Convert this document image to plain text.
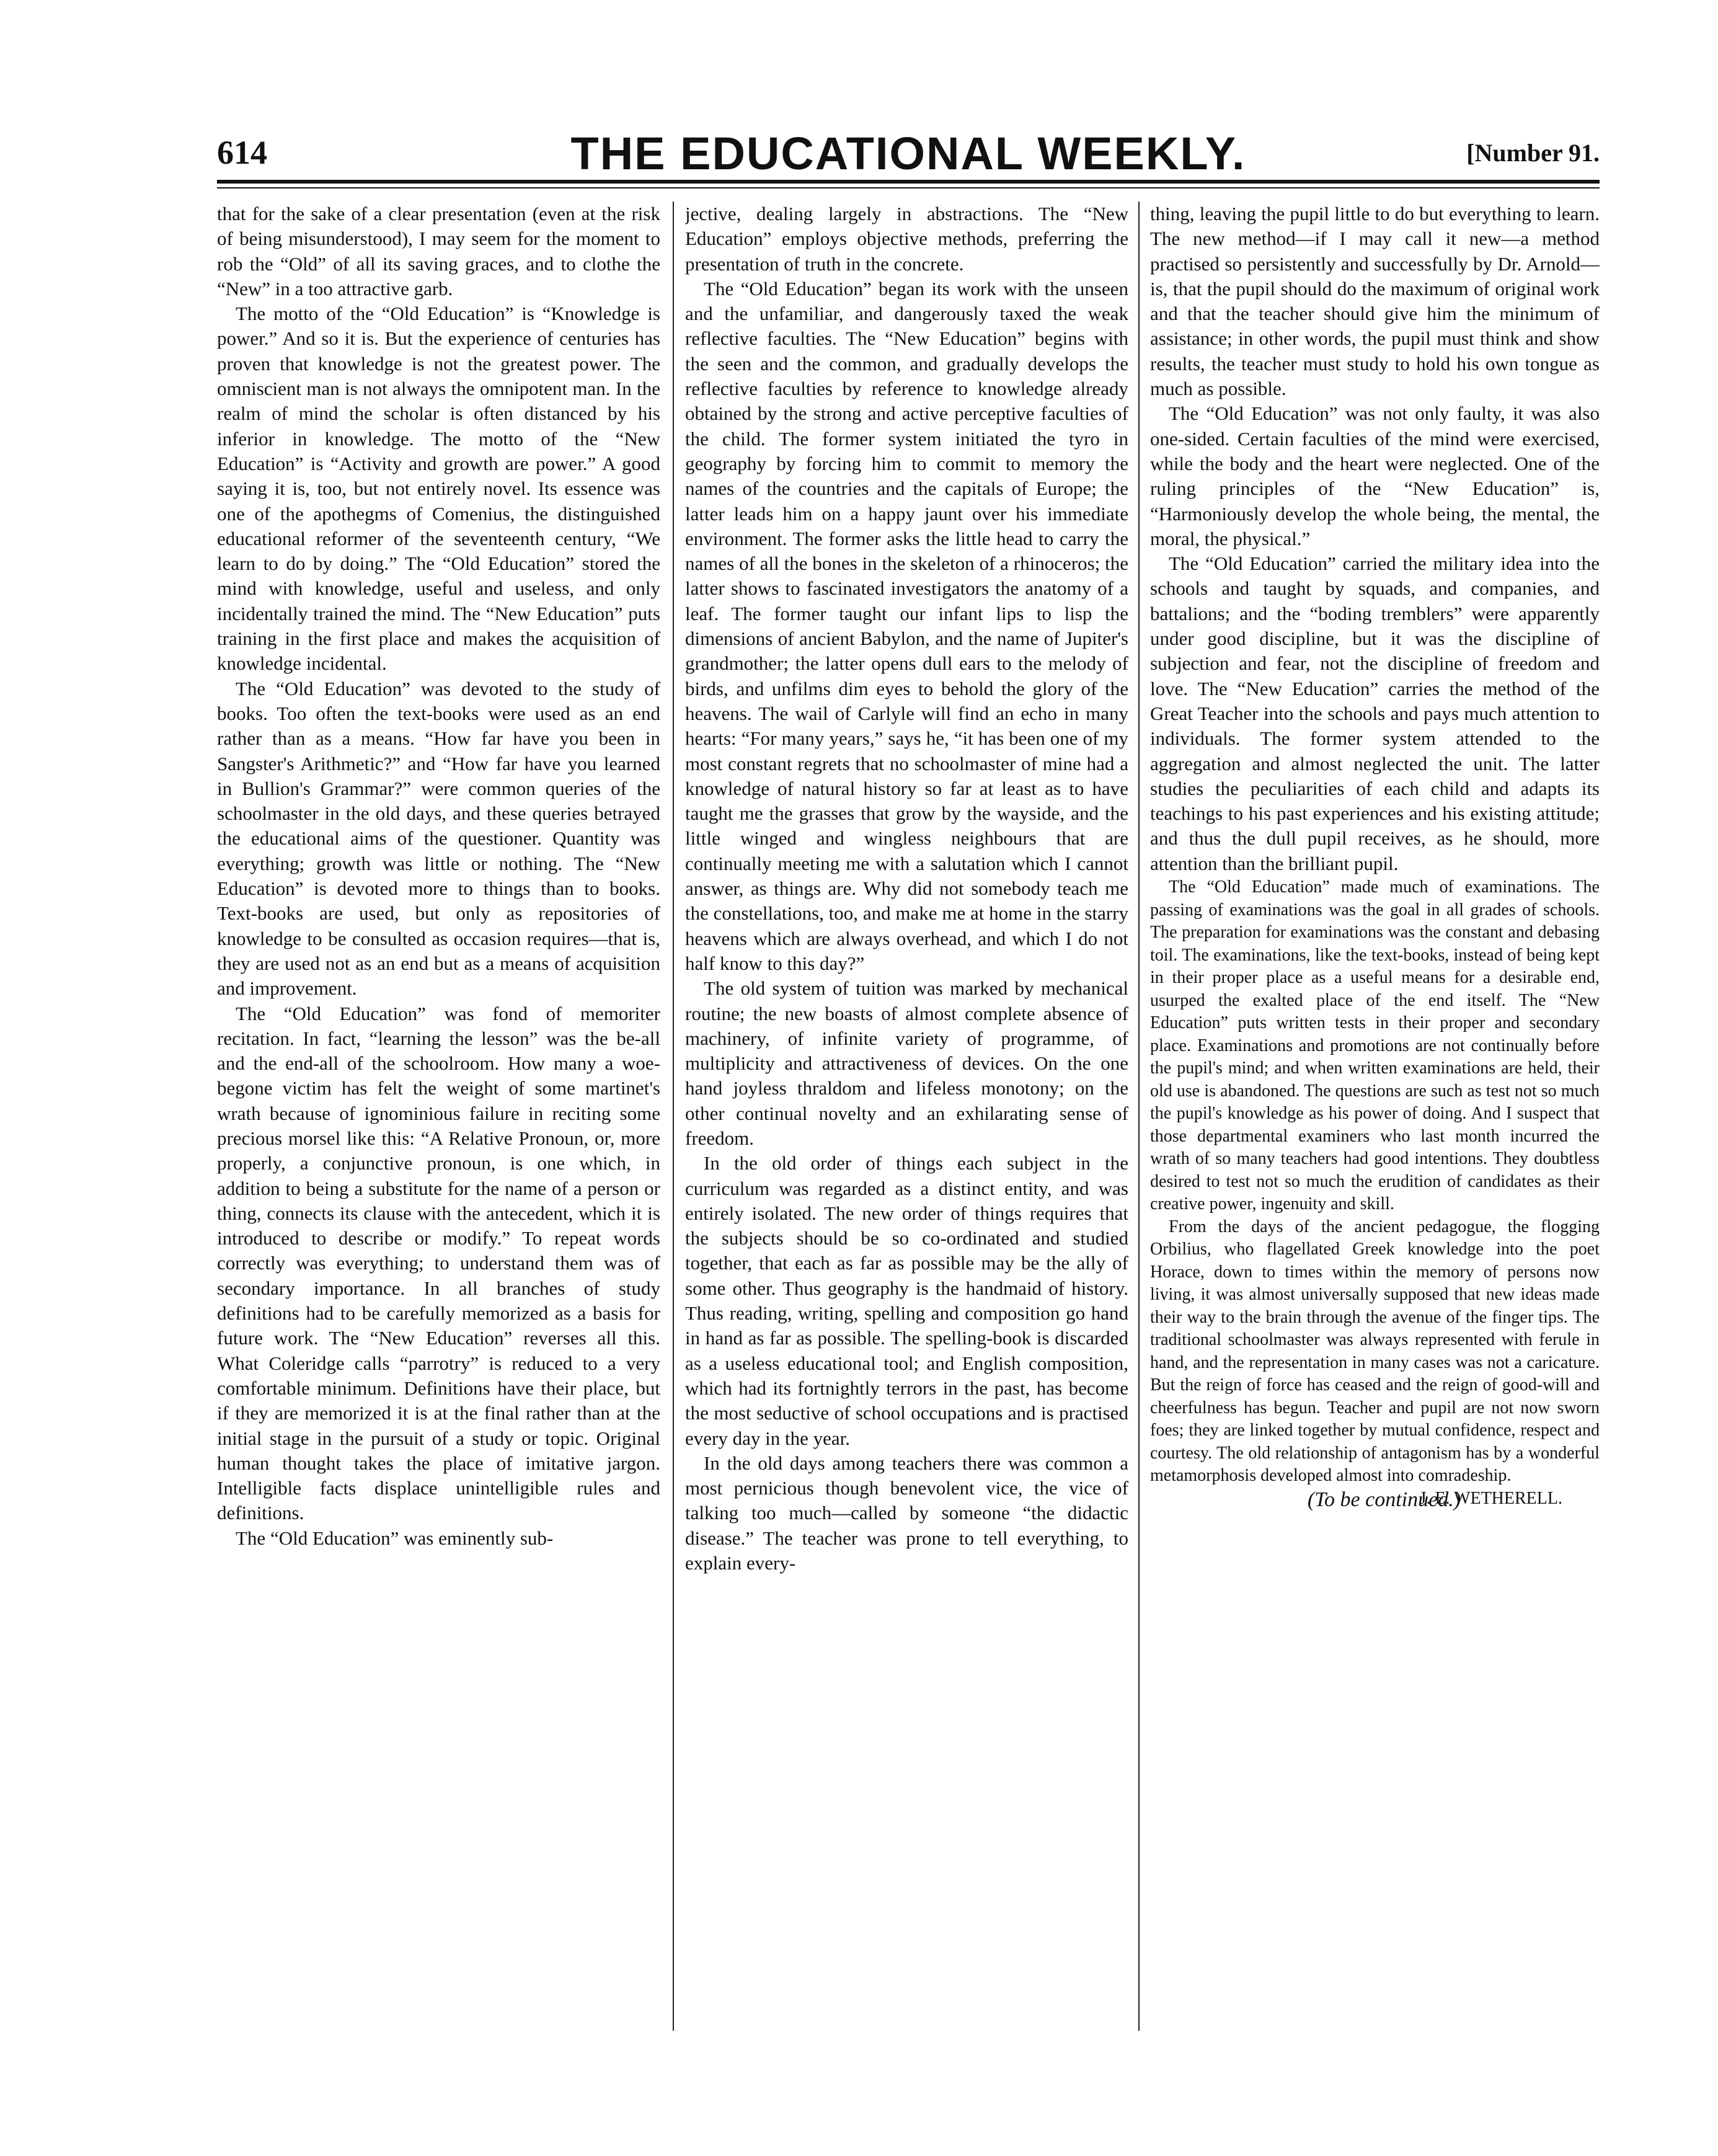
614	THE EDUCATIONAL WEEKLY.	[Number 91.

that for the sake of a clear presentation (even at the risk of being misunderstood), I may seem for the moment to rob the “Old” of all its saving graces, and to clothe the “New” in a too attractive garb.

The motto of the “Old Education” is “Knowledge is power.” And so it is. But the experience of centuries has proven that knowledge is not the greatest power. The omniscient man is not always the omnipotent man. In the realm of mind the scholar is often distanced by his inferior in knowledge. The motto of the “New Education” is “Activity and growth are power.” A good saying it is, too, but not entirely novel. Its essence was one of the apothegms of Comenius, the distinguished educational reformer of the seventeenth century, “We learn to do by doing.” The “Old Education” stored the mind with knowledge, useful and useless, and only incidentally trained the mind. The “New Education” puts training in the first place and makes the acquisition of knowledge incidental.

The “Old Education” was devoted to the study of books. Too often the text-books were used as an end rather than as a means. “How far have you been in Sangster's Arithmetic?” and “How far have you learned in Bullion's Grammar?” were common queries of the schoolmaster in the old days, and these queries betrayed the educational aims of the questioner. Quantity was everything; growth was little or nothing. The “New Education” is devoted more to things than to books. Text-books are used, but only as repositories of knowledge to be consulted as occasion requires—that is, they are used not as an end but as a means of acquisition and improvement.

The “Old Education” was fond of memoriter recitation. In fact, “learning the lesson” was the be-all and the end-all of the schoolroom. How many a woe-begone victim has felt the weight of some martinet's wrath because of ignominious failure in reciting some precious morsel like this: “A Relative Pronoun, or, more properly, a conjunctive pronoun, is one which, in addition to being a substitute for the name of a person or thing, connects its clause with the antecedent, which it is introduced to describe or modify.” To repeat words correctly was everything; to understand them was of secondary importance. In all branches of study definitions had to be carefully memorized as a basis for future work. The “New Education” reverses all this. What Coleridge calls “parrotry” is reduced to a very comfortable minimum. Definitions have their place, but if they are memorized it is at the final rather than at the initial stage in the pursuit of a study or topic. Original human thought takes the place of imitative jargon. Intelligible facts displace unintelligible rules and definitions.

The “Old Education” was eminently sub-

jective, dealing largely in abstractions. The “New Education” employs objective methods, preferring the presentation of truth in the concrete.

The “Old Education” began its work with the unseen and the unfamiliar, and dangerously taxed the weak reflective faculties. The “New Education” begins with the seen and the common, and gradually develops the reflective faculties by reference to knowledge already obtained by the strong and active perceptive faculties of the child. The former system initiated the tyro in geography by forcing him to commit to memory the names of the countries and the capitals of Europe; the latter leads him on a happy jaunt over his immediate environment. The former asks the little head to carry the names of all the bones in the skeleton of a rhinoceros; the latter shows to fascinated investigators the anatomy of a leaf. The former taught our infant lips to lisp the dimensions of ancient Babylon, and the name of Jupiter's grandmother; the latter opens dull ears to the melody of birds, and unfilms dim eyes to behold the glory of the heavens. The wail of Carlyle will find an echo in many hearts: “For many years,” says he, “it has been one of my most constant regrets that no schoolmaster of mine had a knowledge of natural history so far at least as to have taught me the grasses that grow by the wayside, and the little winged and wingless neighbours that are continually meeting me with a salutation which I cannot answer, as things are. Why did not somebody teach me the constellations, too, and make me at home in the starry heavens which are always overhead, and which I do not half know to this day?”

The old system of tuition was marked by mechanical routine; the new boasts of almost complete absence of machinery, of infinite variety of programme, of multiplicity and attractiveness of devices. On the one hand joyless thraldom and lifeless monotony; on the other continual novelty and an exhilarating sense of freedom.

In the old order of things each subject in the curriculum was regarded as a distinct entity, and was entirely isolated. The new order of things requires that the subjects should be so co-ordinated and studied together, that each as far as possible may be the ally of some other. Thus geography is the handmaid of history. Thus reading, writing, spelling and composition go hand in hand as far as possible. The spelling-book is discarded as a useless educational tool; and English composition, which had its fortnightly terrors in the past, has become the most seductive of school occupations and is practised every day in the year.

In the old days among teachers there was common a most pernicious though benevolent vice, the vice of talking too much—called by someone “the didactic disease.” The teacher was prone to tell everything, to explain every-

thing, leaving the pupil little to do but everything to learn. The new method—if I may call it new—a method practised so persistently and successfully by Dr. Arnold—is, that the pupil should do the maximum of original work and that the teacher should give him the minimum of assistance; in other words, the pupil must think and show results, the teacher must study to hold his own tongue as much as possible.

The “Old Education” was not only faulty, it was also one-sided. Certain faculties of the mind were exercised, while the body and the heart were neglected. One of the ruling principles of the “New Education” is, “Harmoniously develop the whole being, the mental, the moral, the physical.”

The “Old Education” carried the military idea into the schools and taught by squads, and companies, and battalions; and the “boding tremblers” were apparently under good discipline, but it was the discipline of subjection and fear, not the discipline of freedom and love. The “New Education” carries the method of the Great Teacher into the schools and pays much attention to individuals. The former system attended to the aggregation and almost neglected the unit. The latter studies the peculiarities of each child and adapts its teachings to his past experiences and his existing attitude; and thus the dull pupil receives, as he should, more attention than the brilliant pupil.

The “Old Education” made much of examinations. The passing of examinations was the goal in all grades of schools. The preparation for examinations was the constant and debasing toil. The examinations, like the text-books, instead of being kept in their proper place as a useful means for a desirable end, usurped the exalted place of the end itself. The “New Education” puts written tests in their proper and secondary place. Examinations and promotions are not continually before the pupil's mind; and when written examinations are held, their old use is abandoned. The questions are such as test not so much the pupil's knowledge as his power of doing. And I suspect that those departmental examiners who last month incurred the wrath of so many teachers had good intentions. They doubtless desired to test not so much the erudition of candidates as their creative power, ingenuity and skill.

From the days of the ancient pedagogue, the flogging Orbilius, who flagellated Greek knowledge into the poet Horace, down to times within the memory of persons now living, it was almost universally supposed that new ideas made their way to the brain through the avenue of the finger tips. The traditional schoolmaster was always represented with ferule in hand, and the representation in many cases was not a caricature. But the reign of force has ceased and the reign of good-will and cheerfulness has begun. Teacher and pupil are not now sworn foes; they are linked together by mutual confidence, respect and courtesy. The old relationship of antagonism has by a wonderful metamorphosis developed almost into comradeship.

J. E. WETHERELL.

(To be continued.)
